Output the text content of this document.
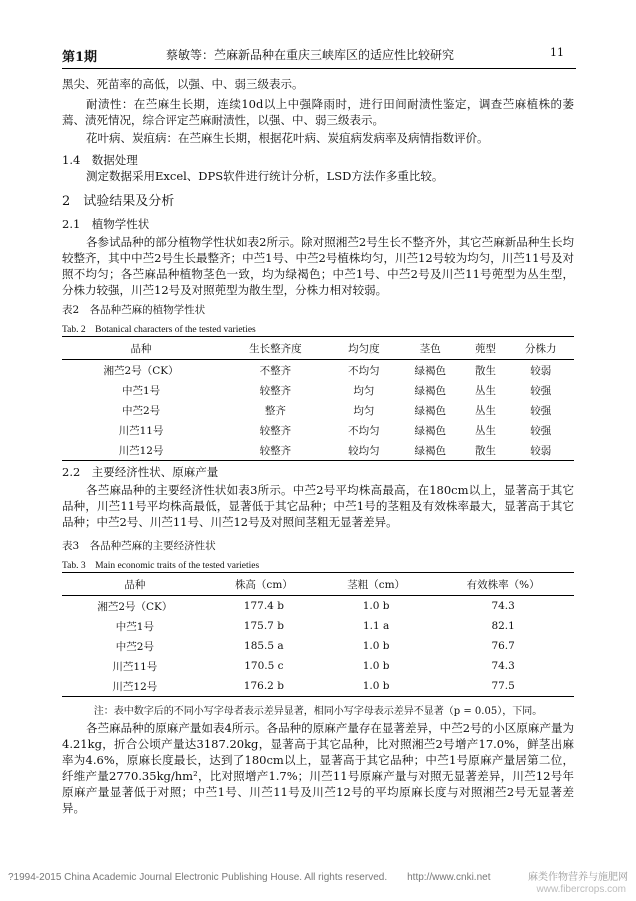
第1期	蔡敏等：苎麻新品种在重庆三峡库区的适应性比较研究	11
黑尖、死苗率的高低，以强、中、弱三级表示。
耐渍性：在苎麻生长期，连续10d以上中强降雨时，进行田间耐渍性鉴定，调查苎麻植株的萎蔫、渍死情况，综合评定苎麻耐渍性，以强、中、弱三级表示。
花叶病、炭疽病：在苎麻生长期，根据花叶病、炭疽病发病率及病情指数评价。
1.4　数据处理
测定数据采用Excel、DPS软件进行统计分析，LSD方法作多重比较。
2　试验结果及分析
2.1　植物学性状
各参试品种的部分植物学性状如表2所示。除对照湘苎2号生长不整齐外，其它苎麻新品种生长均较整齐，其中中苎2号生长最整齐；中苎1号、中苎2号植株均匀，川苎12号较为均匀，川苎11号及对照不均匀；各苎麻品种植物茎色一致，均为绿褐色；中苎1号、中苎2号及川苎11号蔸型为丛生型，分株力较强，川苎12号及对照蔸型为散生型，分株力相对较弱。
表2　各品种苎麻的植物学性状
Tab. 2　Botanical characters of the tested varieties
品种	生长整齐度	均匀度	茎色	蔸型	分株力
湘苎2号（CK）	不整齐	不均匀	绿褐色	散生	较弱
中苎1号	较整齐	均匀	绿褐色	丛生	较强
中苎2号	整齐	均匀	绿褐色	丛生	较强
川苎11号	较整齐	不均匀	绿褐色	丛生	较强
川苎12号	较整齐	较均匀	绿褐色	散生	较弱
2.2　主要经济性状、原麻产量
各苎麻品种的主要经济性状如表3所示。中苎2号平均株高最高，在180cm以上，显著高于其它品种，川苎11号平均株高最低，显著低于其它品种；中苎1号的茎粗及有效株率最大，显著高于其它品种；中苎2号、川苎11号、川苎12号及对照间茎粗无显著差异。
表3　各品种苎麻的主要经济性状
Tab. 3　Main economic traits of the tested varieties
品种	株高（cm）	茎粗（cm）	有效株率（%）
湘苎2号（CK）	177.4 b	1.0 b	74.3
中苎1号	175.7 b	1.1 a	82.1
中苎2号	185.5 a	1.0 b	76.7
川苎11号	170.5 c	1.0 b	74.3
川苎12号	176.2 b	1.0 b	77.5
注：表中数字后的不同小写字母者表示差异显著，相同小写字母表示差异不显著（p = 0.05），下同。
各苎麻品种的原麻产量如表4所示。各品种的原麻产量存在显著差异，中苎2号的小区原麻产量为4.21kg，折合公顷产量达3187.20kg，显著高于其它品种，比对照湘苎2号增产17.0%，鲜茎出麻率为4.6%，原麻长度最长，达到了180cm以上，显著高于其它品种；中苎1号原麻产量居第二位，纤维产量2770.35kg/hm²，比对照增产1.7%；川苎11号原麻产量与对照无显著差异，川苎12号年原麻产量显著低于对照；中苎1号、川苎11号及川苎12号的平均原麻长度与对照湘苎2号无显著差异。
?1994-2015 China Academic Journal Electronic Publishing House. All rights reserved.　　http://www.cnki.net	麻类作物营养与施肥网
www.fibercrops.com
